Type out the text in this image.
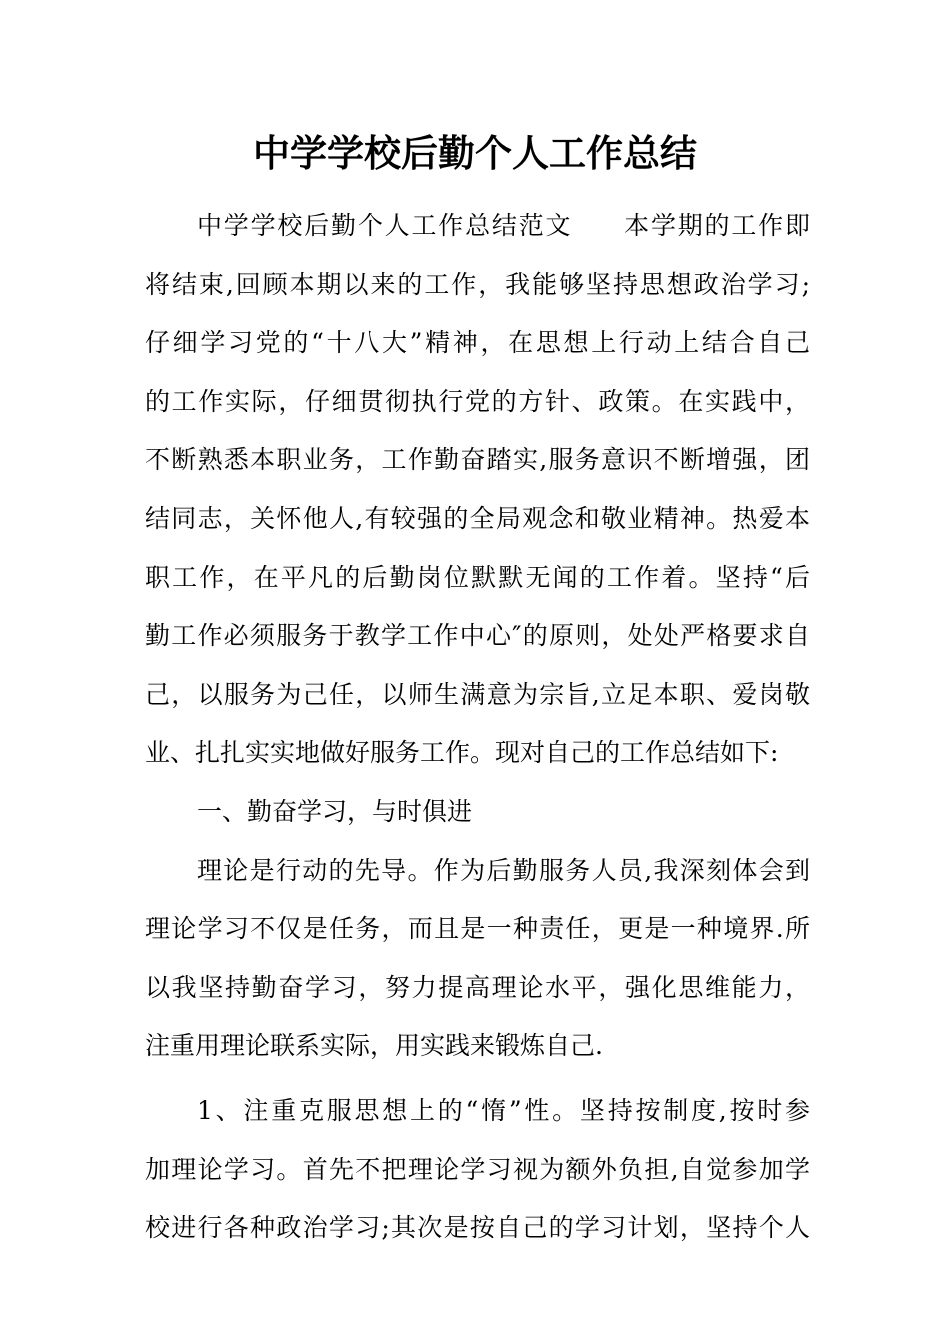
中学学校后勤个人工作总结
中学学校后勤个人工作总结范文 本学期的工作即
将结束,回顾本期以来的工作，我能够坚持思想政治学习;
仔细学习党的“十八大”精神，在思想上行动上结合自己
的工作实际，仔细贯彻执行党的方针、政策。在实践中，
不断熟悉本职业务，工作勤奋踏实,服务意识不断增强，团
结同志，关怀他人,有较强的全局观念和敬业精神。热爱本
职工作，在平凡的后勤岗位默默无闻的工作着。坚持“后
勤工作必须服务于教学工作中心″的原则，处处严格要求自
己，以服务为己任，以师生满意为宗旨,立足本职、爱岗敬
业、扎扎实实地做好服务工作。现对自己的工作总结如下:
一、勤奋学习，与时俱进
理论是行动的先导。作为后勤服务人员,我深刻体会到
理论学习不仅是任务，而且是一种责任，更是一种境界.所
以我坚持勤奋学习，努力提高理论水平，强化思维能力，
注重用理论联系实际，用实践来锻炼自己.
1、注重克服思想上的“惰”性。坚持按制度,按时参
加理论学习。首先不把理论学习视为额外负担,自觉参加学
校进行各种政治学习;其次是按自己的学习计划，坚持个人
